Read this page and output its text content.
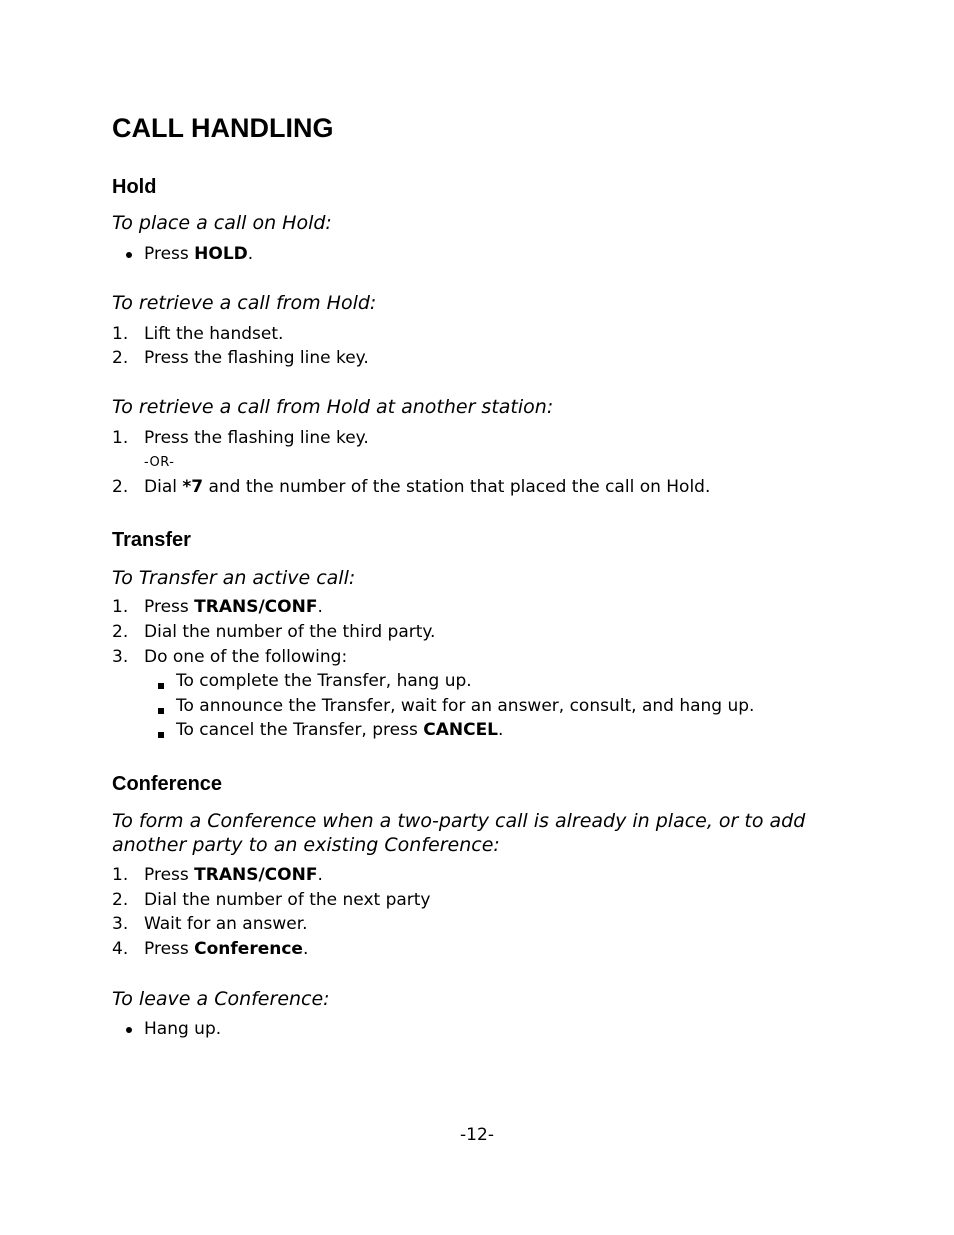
CALL HANDLING
Hold

To place a call on Hold:

Press HOLD.

To retrieve a call from Hold:

1. Lift the handset.
2. Press the flashing line key.

To retrieve a call from Hold at another station:

1. Press the flashing line key.
-OR-
2. Dial *7 and the number of the station that placed the call on Hold.
Transfer

To Transfer an active call:

1. Press TRANS/CONF.
2. Dial the number of the third party.
3. Do one of the following:
To complete the Transfer, hang up.
To announce the Transfer, wait for an answer, consult, and hang up.
To cancel the Transfer, press CANCEL.
Conference

To form a Conference when a two-party call is already in place, or to add another party to an existing Conference:

1. Press TRANS/CONF.
2. Dial the number of the next party
3. Wait for an answer.
4. Press Conference.

To leave a Conference:

Hang up.
-12-
